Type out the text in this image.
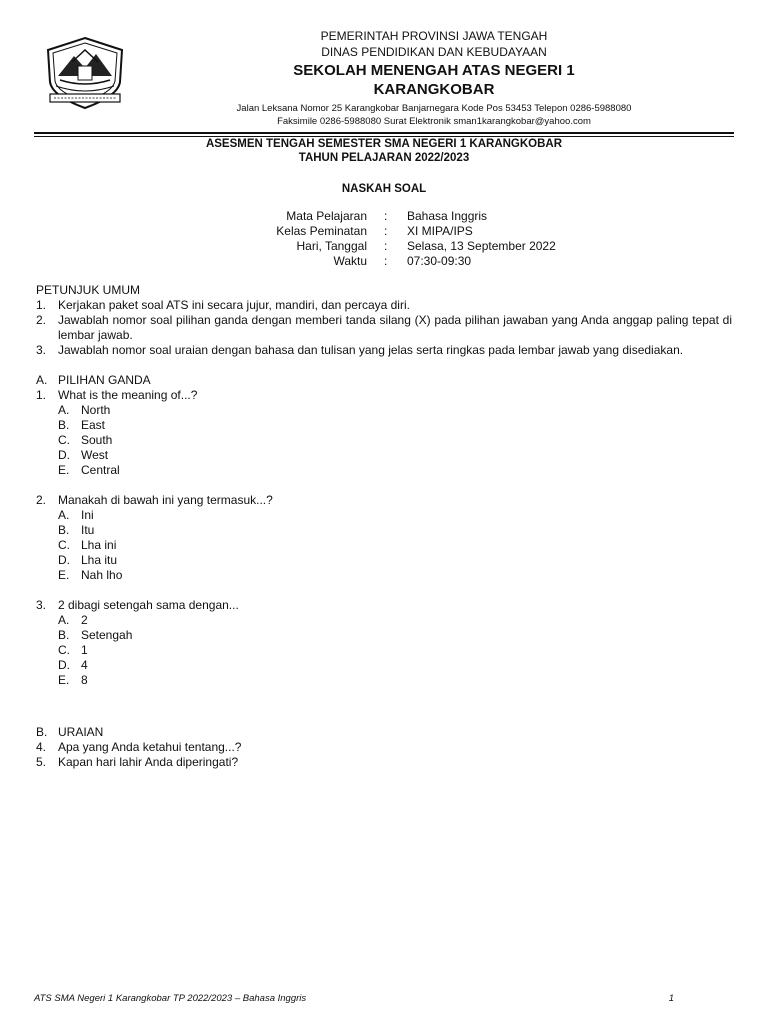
PEMERINTAH PROVINSI JAWA TENGAH
DINAS PENDIDIKAN DAN KEBUDAYAAN
SEKOLAH MENENGAH ATAS NEGERI 1
KARANGKOBAR
Jalan Leksana Nomor 25 Karangkobar Banjarnegara Kode Pos 53453 Telepon 0286-5988080
Faksimile 0286-5988080 Surat Elektronik sman1karangkobar@yahoo.com
ASESMEN TENGAH SEMESTER SMA NEGERI 1 KARANGKOBAR
TAHUN PELAJARAN 2022/2023
NASKAH SOAL
Mata Pelajaran
Kelas Peminatan
Hari, Tanggal
Waktu
:
:
:
:
Bahasa Inggris
XI MIPA/IPS
Selasa, 13 September 2022
07:30-09:30
PETUNJUK UMUM
1. Kerjakan paket soal ATS ini secara jujur, mandiri, dan percaya diri.
2. Jawablah nomor soal pilihan ganda dengan memberi tanda silang (X) pada pilihan jawaban yang Anda anggap paling tepat di lembar jawab.
3. Jawablah nomor soal uraian dengan bahasa dan tulisan yang jelas serta ringkas pada lembar jawab yang disediakan.
A. PILIHAN GANDA
1. What is the meaning of...?
A. North
B. East
C. South
D. West
E. Central
2. Manakah di bawah ini yang termasuk...?
A. Ini
B. Itu
C. Lha ini
D. Lha itu
E. Nah lho
3. 2 dibagi setengah sama dengan...
A. 2
B. Setengah
C. 1
D. 4
E. 8
B. URAIAN
4. Apa yang Anda ketahui tentang...?
5. Kapan hari lahir Anda diperingati?
ATS SMA Negeri 1 Karangkobar TP 2022/2023 – Bahasa Inggris	1
